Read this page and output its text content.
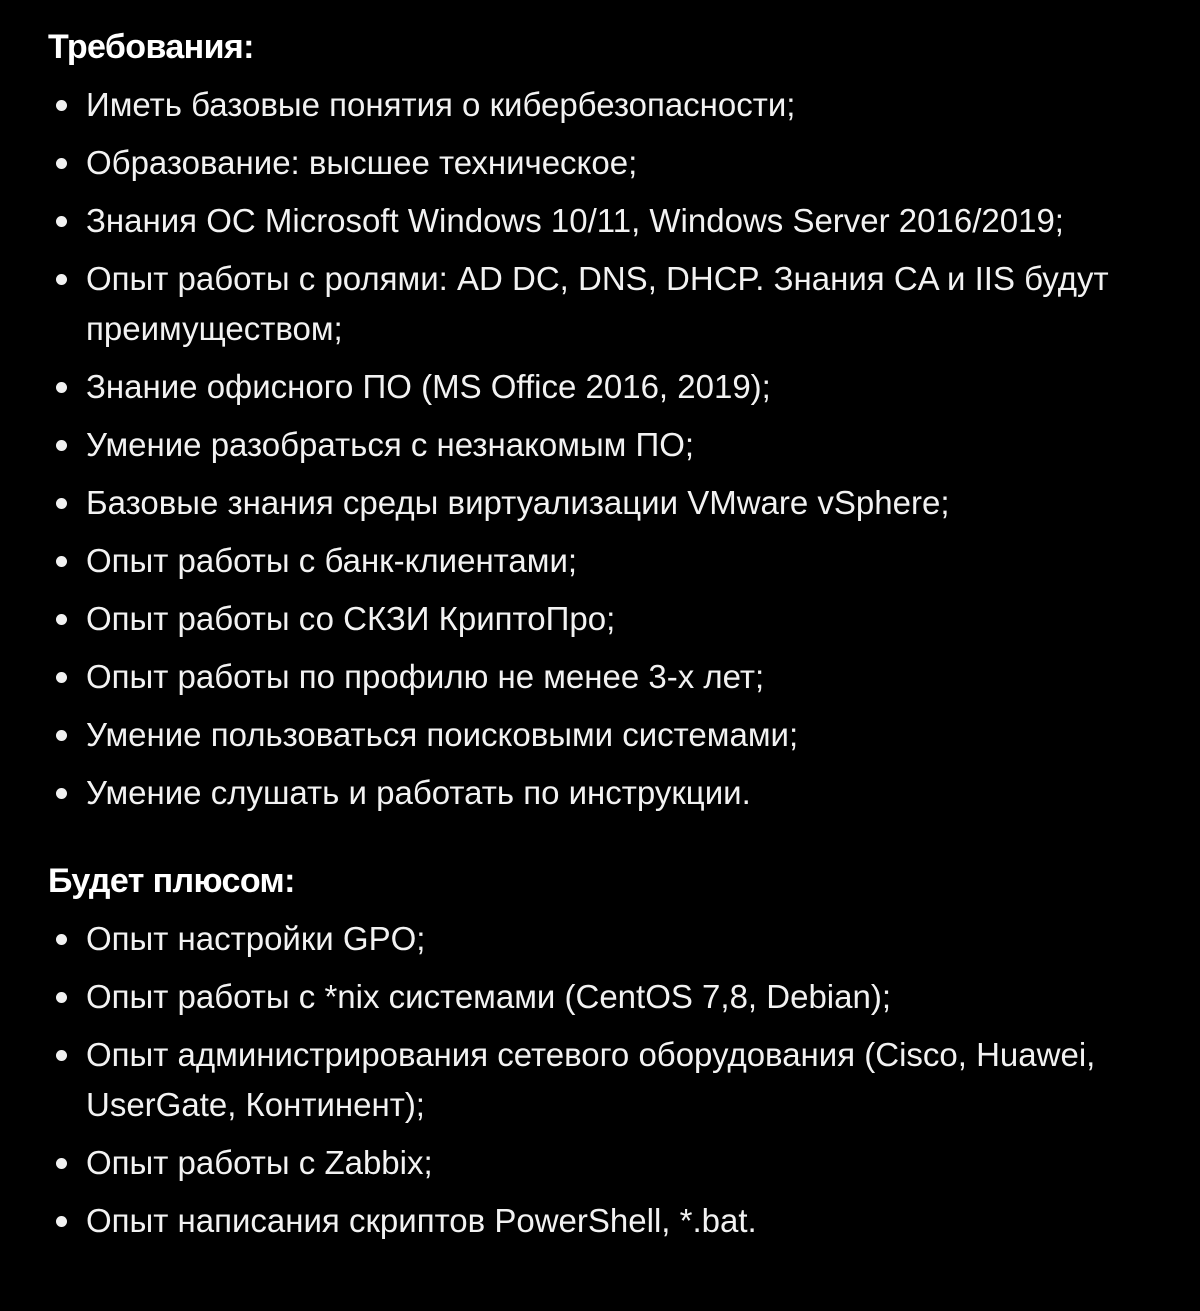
Требования:
Иметь базовые понятия о кибербезопасности;
Образование: высшее техническое;
Знания ОС Microsoft Windows 10/11, Windows Server 2016/2019;
Опыт работы с ролями: AD DC, DNS, DHCP. Знания CA и IIS будут преимуществом;
Знание офисного ПО (MS Office 2016, 2019);
Умение разобраться с незнакомым ПО;
Базовые знания среды виртуализации VMware vSphere;
Опыт работы с банк-клиентами;
Опыт работы со СКЗИ КриптоПро;
Опыт работы по профилю не менее 3-х лет;
Умение пользоваться поисковыми системами;
Умение слушать и работать по инструкции.
Будет плюсом:
Опыт настройки GPO;
Опыт работы с *nix системами (CentOS 7,8, Debian);
Опыт администрирования сетевого оборудования (Cisco, Huawei, UserGate, Континент);
Опыт работы с Zabbix;
Опыт написания скриптов PowerShell, *.bat.
